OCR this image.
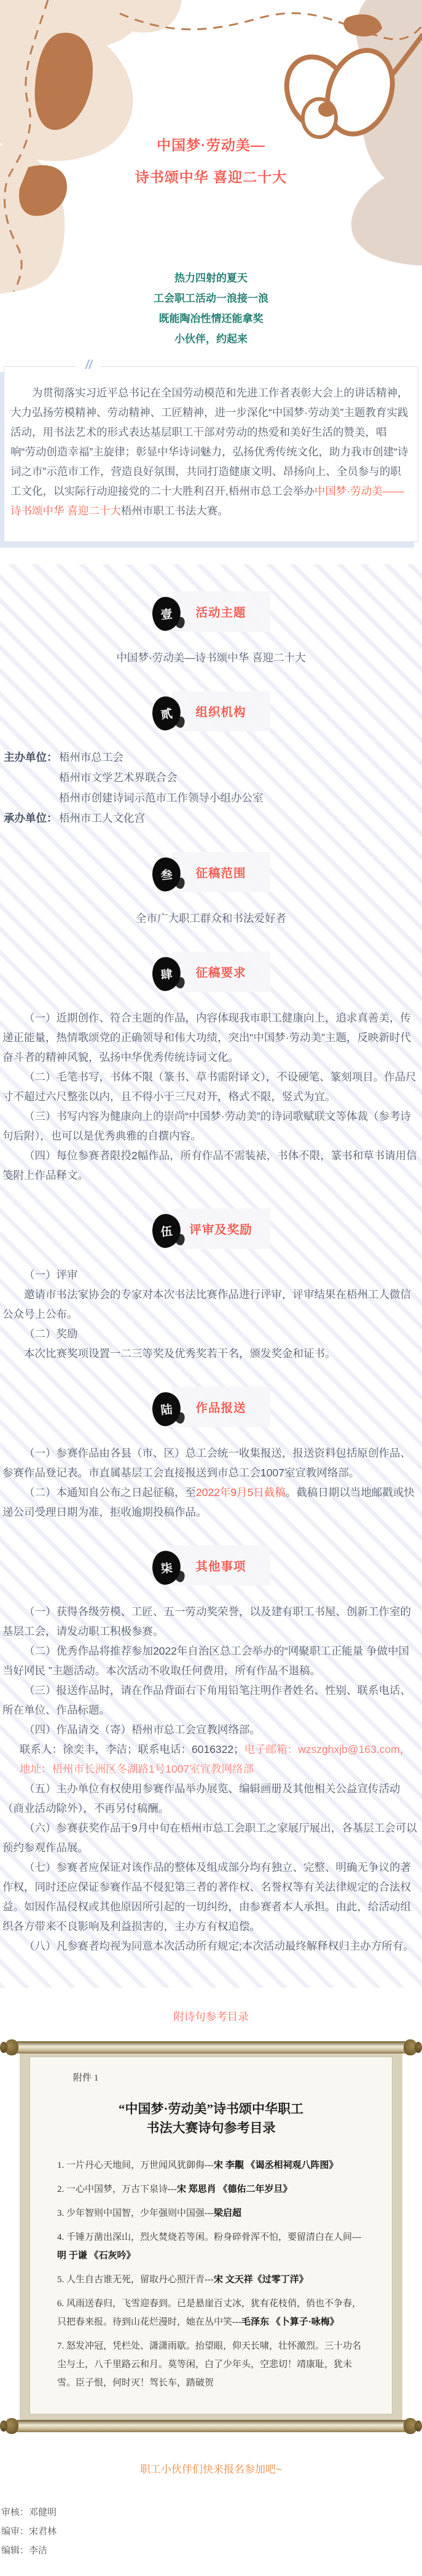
中国梦·劳动美—
诗书颂中华 喜迎二十大
热力四射的夏天
工会职工活动一浪接一浪
既能陶冶性情还能拿奖
小伙伴，约起来
//

为贯彻落实习近平总书记在全国劳动模范和先进工作者表彰大会上的讲话精神，大力弘扬劳模精神、劳动精神、工匠精神，进一步深化“中国梦·劳动美”主题教育实践活动，用书法艺术的形式表达基层职工干部对劳动的热爱和美好生活的赞美，唱响“劳动创造幸福”主旋律；彰显中华诗词魅力，弘扬优秀传统文化，助力我市创建“诗词之市”示范市工作，营造良好氛围，共同打造健康文明、昂扬向上、全员参与的职工文化，以实际行动迎接党的二十大胜利召开,梧州市总工会举办中国梦·劳动美——诗书颂中华 喜迎二十大梧州市职工书法大赛。

壹	活动主题
中国梦·劳动美—诗书颂中华 喜迎二十大
贰	组织机构
主办单位： 梧州市总工会
梧州市文学艺术界联合会
梧州市创建诗词示范市工作领导小组办公室
承办单位： 梧州市工人文化宫
叁	征稿范围
全市广大职工群众和书法爱好者
肆	征稿要求

（一）近期创作、符合主题的作品，内容体现我市职工健康向上，追求真善美，传递正能量，热情歌颂党的正确领导和伟大功绩，突出“中国梦·劳动美”主题，反映新时代奋斗者的精神风貌，弘扬中华优秀传统诗词文化。

（二）毛笔书写，书体不限（篆书、草书需附译文），不设硬笔、篆刻项目。作品尺寸不超过六尺整张以内，且不得小于三尺对开，格式不限，竖式为宜。

（三）书写内容为健康向上的崇尚“中国梦·劳动美”的诗词歌赋联文等体裁（参考诗句后附），也可以是优秀典雅的自撰内容。

（四）每位参赛者限投2幅作品，所有作品不需装裱，书体不限，篆书和草书请用信笺附上作品释文。

伍	评审及奖励

（一）评审

邀请市书法家协会的专家对本次书法比赛作品进行评审，评审结果在梧州工人微信公众号上公布。

（二）奖励

本次比赛奖项设置一二三等奖及优秀奖若干名，颁发奖金和证书。

陆	作品报送

（一）参赛作品由各县（市、区）总工会统一收集报送，报送资料包括原创作品、参赛作品登记表。市直属基层工会直接报送到市总工会1007室宣教网络部。

（二）本通知自公布之日起征稿，至2022年9月5日截稿。截稿日期以当地邮戳或快递公司受理日期为准，拒收逾期投稿作品。

柒	其他事项

（一）获得各级劳模、工匠、五一劳动奖荣誉，以及建有职工书屋、创新工作室的基层工会，请发动职工积极参赛。

（二）优秀作品将推荐参加2022年自治区总工会举办的“网聚职工正能量 争做中国当好网民 ”主题活动。本次活动不收取任何费用，所有作品不退稿。

（三）报送作品时，请在作品背面右下角用铅笔注明作者姓名、性别、联系电话、所在单位、作品标题。

（四）作品请交（寄）梧州市总工会宣教网络部。

联系人：徐奕丰，李洁；联系电话：6016322；电子邮箱：wzszghxjb@163.com，地址：梧州市长洲区冬湖路1号1007室宣教网络部

（五）主办单位有权使用参赛作品举办展览、编辑画册及其他相关公益宣传活动（商业活动除外），不再另付稿酬。

（六）参赛获奖作品于9月中旬在梧州市总工会职工之家展厅展出，各基层工会可以预约参观作品展。

（七）参赛者应保证对该作品的整体及组成部分均有独立、完整、明确无争议的著作权，同时还应保证参赛作品不侵犯第三者的著作权、名誉权等有关法律规定的合法权益。如因作品侵权或其他原因所引起的一切纠纷，由参赛者本人承担。由此，给活动组织各方带来不良影响及利益损害的，主办方有权追偿。

（八）凡参赛者均视为同意本次活动所有规定;本次活动最终解释权归主办方所有。

附诗句参考目录
附件 1
“中国梦·劳动美”诗书颂中华职工
书法大赛诗句参考目录
1. 一片丹心天地间，万世闻风犹御侮---宋 李覯 《谒丞相祠观八阵图》
2. 一心中国梦，万古下泉诗---宋 郑思肖 《德佑二年岁旦》
3. 少年智则中国智，少年强则中国强---梁启超
4. 千锤万凿出深山，烈火焚烧若等闲。粉身碎骨浑不怕，要留清白在人间---明 于谦 《石灰吟》
5. 人生自古谁无死，留取丹心照汗青---宋 文天祥《过零丁洋》
6. 风雨送春归，飞雪迎春到。已是悬崖百丈冰，犹有花枝俏，俏也不争春，只把春来报。待到山花烂漫时，她在丛中笑---毛泽东 《卜算子·咏梅》
7. 怒发冲冠，凭栏处、潇潇雨歇。抬望眼，仰天长啸，壮怀激烈。三十功名尘与土，八千里路云和月。莫等闲，白了少年头，空悲切！靖康耻，犹未雪。臣子恨，何时灭！驾长车，踏破贺
职工小伙伴们快来报名参加吧~
审核：邓健明
编审：宋君林
编辑：李洁
